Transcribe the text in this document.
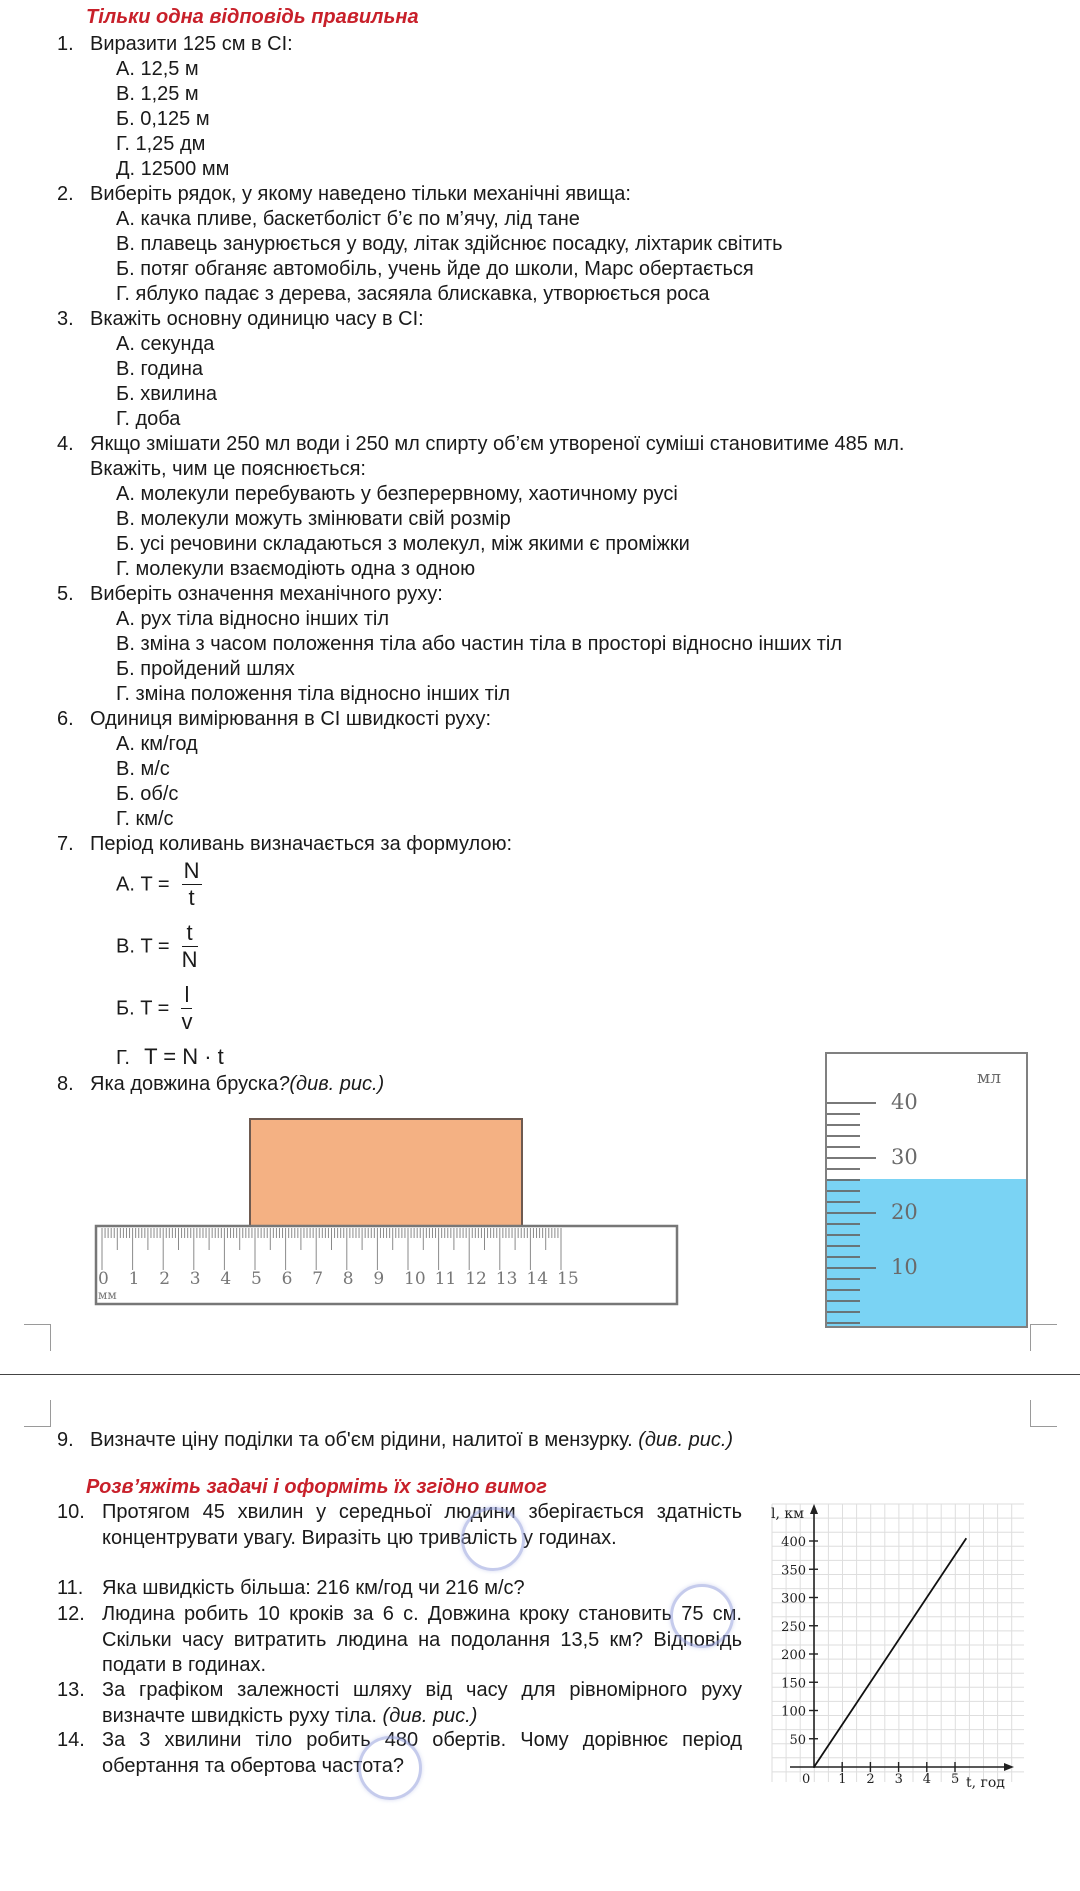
Тільки одна відповідь правильна
1. Виразити 125 см в СІ:
А. 12,5 м
В. 1,25 м
Б. 0,125 м
Г. 1,25 дм
Д. 12500 мм
2. Виберіть рядок, у якому наведено тільки механічні явища:
А. качка пливе, баскетболіст б’є по м’ячу, лід тане
В. плавець занурюється у воду, літак здійснює посадку, ліхтарик світить
Б. потяг обганяє автомобіль, учень йде до школи, Марс обертається
Г. яблуко падає з дерева, засяяла блискавка, утворюється роса
3. Вкажіть основну одиницю часу в СІ:
А. секунда
В. година
Б. хвилина
Г. доба
4. Якщо змішати 250 мл води і 250 мл спирту об’єм утвореної суміші становитиме 485 мл.
Вкажіть, чим це пояснюється:
А. молекули перебувають у безперервному, хаотичному русі
В. молекули можуть змінювати свій розмір
Б. усі речовини складаються з молекул, між якими є проміжки
Г. молекули взаємодіють одна з одною
5. Виберіть означення механічного руху:
А. рух тіла відносно інших тіл
В. зміна з часом положення тіла або частин тіла в просторі відносно інших тіл
Б. пройдений шлях
Г. зміна положення тіла відносно інших тіл
6. Одиниця вимірювання в СІ швидкості руху:
А. км/год
В. м/с
Б. об/с
Г. км/с
7. Період коливань визначається за формулою:
А. $T = \frac{N}{t}$
В. $T = \frac{t}{N}$
Б. $T = \frac{l}{v}$
Г. T = N · t
8. Яка довжина бруска?(див. рис.)
0 1 2 3 4 5 6 7 8 9 10 11 12 13 14 15
мм
40
30
20
10
мл
9. Визначте ціну поділки та об'єм рідини, налитої в мензурку. (див. рис.)
Розв’яжіть задачі і оформіть їх згідно вимог
10. Протягом 45 хвилин у середньої людини зберігається здатність концентрувати увагу. Виразіть цю тривалість у годинах.
11. Яка швидкість більша: 216 км/год чи 216 м/с?
12. Людина робить 10 кроків за 6 с. Довжина кроку становить 75 см. Скільки часу витратить людина на подолання 13,5 км? Відповідь подати в годинах.
13. За графіком залежності шляху від часу для рівномірного руху визначте швидкість руху тіла. (див. рис.)
14. За 3 хвилини тіло робить 480 обертів. Чому дорівнює період обертання та обертова частота?
0 1 2 3 4 5
50
100
150
200
250
300
350
400
l, км
t, год
